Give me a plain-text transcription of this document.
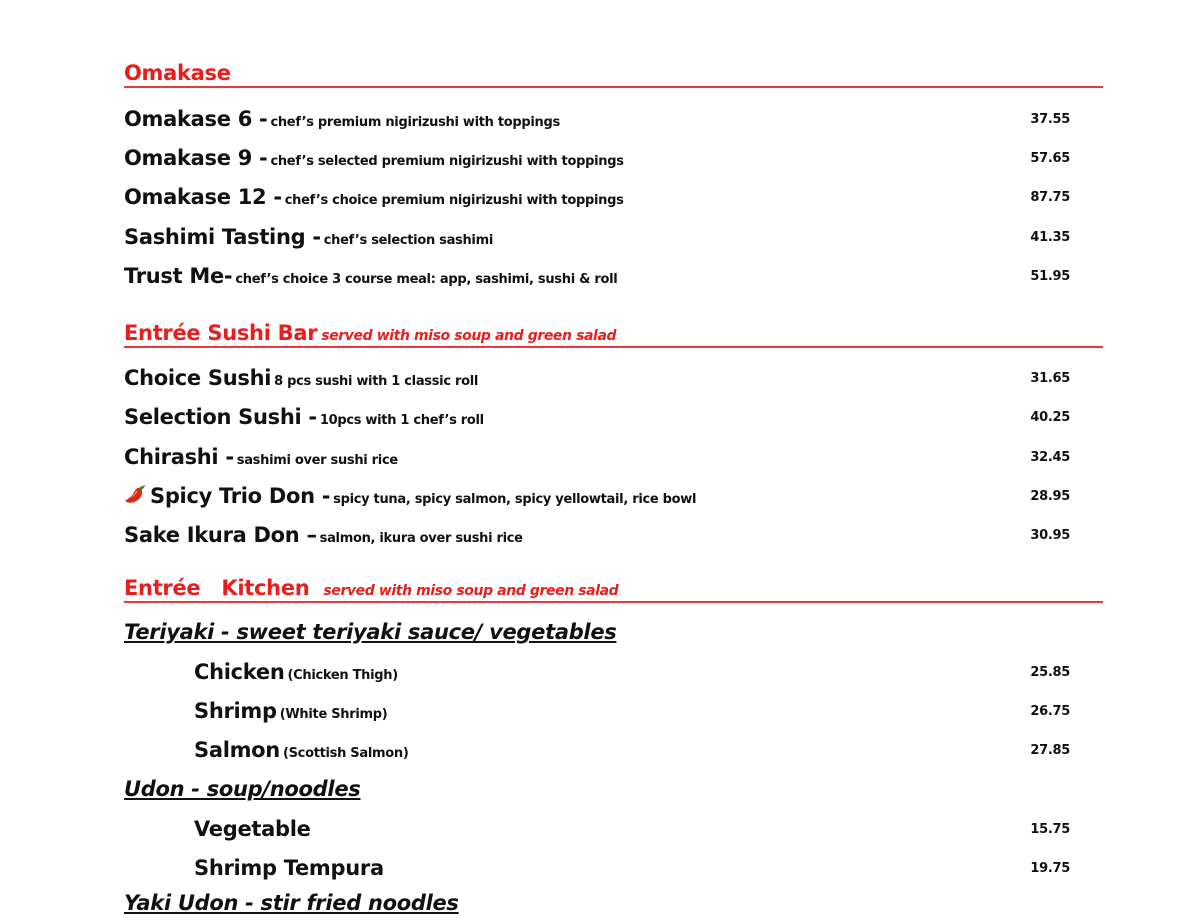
Omakase
Omakase 6 - chef’s premium nigirizushi with toppings	37.55
Omakase 9 - chef’s selected premium nigirizushi with toppings	57.65
Omakase 12 - chef’s choice premium nigirizushi with toppings	87.75
Sashimi Tasting - chef’s selection sashimi	41.35
Trust Me- chef’s choice 3 course meal: app, sashimi, sushi & roll	51.95
Entrée Sushi Bar served with miso soup and green salad
Choice Sushi 8 pcs sushi with 1 classic roll	31.65
Selection Sushi - 10pcs with 1 chef’s roll	40.25
Chirashi - sashimi over sushi rice	32.45
Spicy Trio Don - spicy tuna, spicy salmon, spicy yellowtail, rice bowl	28.95
Sake Ikura Don – salmon, ikura over sushi rice	30.95
Entrée   Kitchen served with miso soup and green salad
Teriyaki - sweet teriyaki sauce/ vegetables
Chicken (Chicken Thigh)	25.85
Shrimp (White Shrimp)	26.75
Salmon (Scottish Salmon)	27.85
Udon - soup/noodles
Vegetable	15.75
Shrimp Tempura	19.75
Yaki Udon - stir fried noodles
